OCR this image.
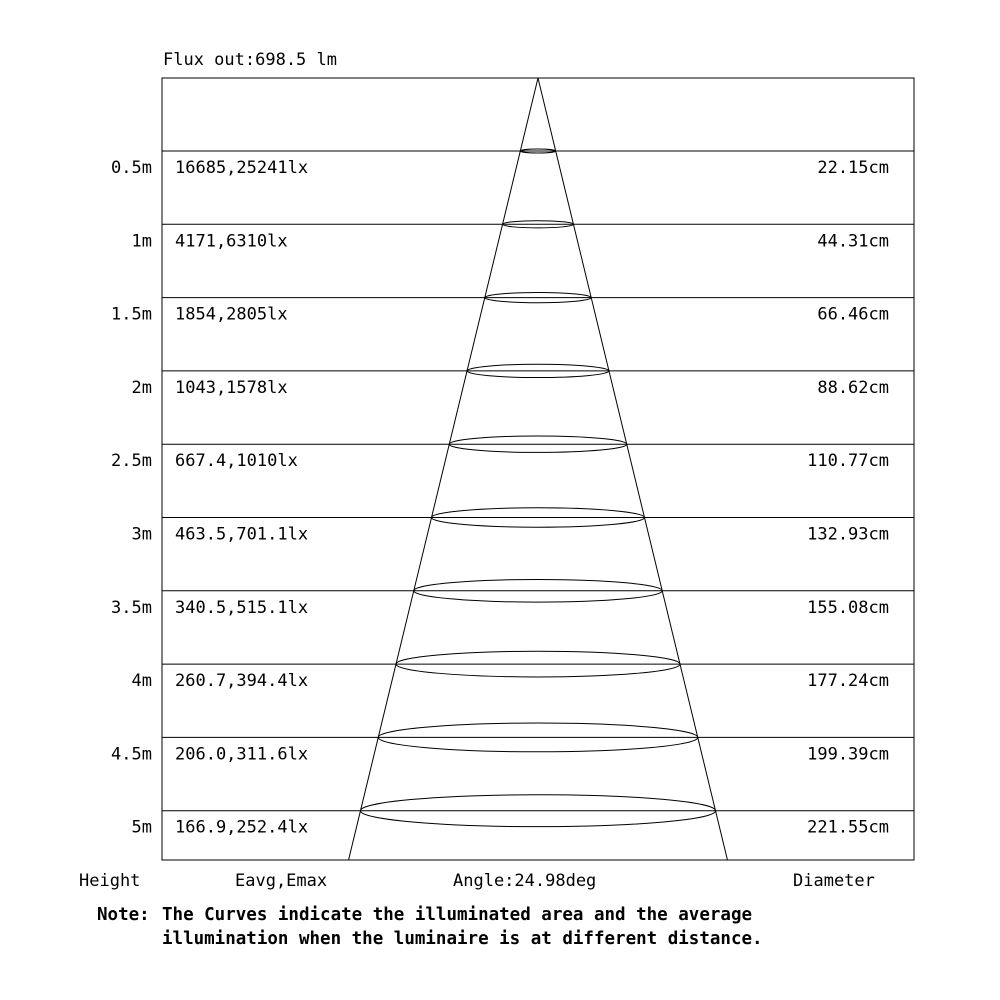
Flux out:698.5 lm
0.5m 16685,25241lx	22.15cm
1m 4171,6310lx	44.31cm
1.5m 1854,2805lx	66.46cm
2m 1043,1578lx	88.62cm
2.5m 667.4,1010lx	110.77cm
3m 463.5,701.1lx	132.93cm
3.5m 340.5,515.1lx	155.08cm
4m 260.7,394.4lx	177.24cm
4.5m 206.0,311.6lx	199.39cm
5m 166.9,252.4lx	221.55cm
Height	Eavg,Emax	Angle:24.98deg	Diameter
Note: The Curves indicate the illuminated area and the average
illumination when the luminaire is at different distance.
